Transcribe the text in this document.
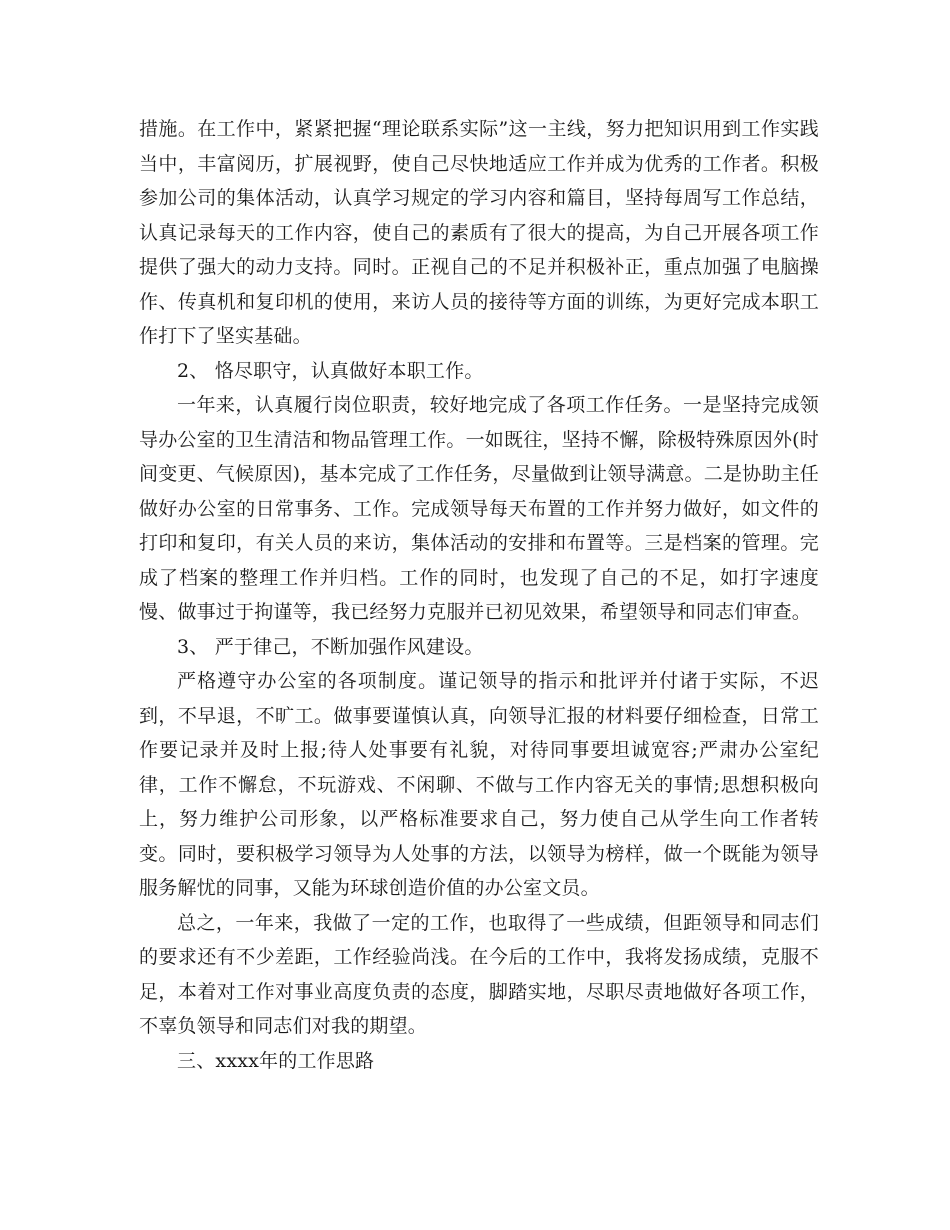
措施。在工作中，紧紧把握“理论联系实际”这一主线，努力把知识用到工作实践当中，丰富阅历，扩展视野，使自己尽快地适应工作并成为优秀的工作者。积极参加公司的集体活动，认真学习规定的学习内容和篇目，坚持每周写工作总结，认真记录每天的工作内容，使自己的素质有了很大的提高，为自己开展各项工作提供了强大的动力支持。同时。正视自己的不足并积极补正，重点加强了电脑操作、传真机和复印机的使用，来访人员的接待等方面的训练，为更好完成本职工作打下了坚实基础。

2、 恪尽职守，认真做好本职工作。

一年来，认真履行岗位职责，较好地完成了各项工作任务。一是坚持完成领导办公室的卫生清洁和物品管理工作。一如既往，坚持不懈，除极特殊原因外(时间变更、气候原因)，基本完成了工作任务，尽量做到让领导满意。二是协助主任做好办公室的日常事务、工作。完成领导每天布置的工作并努力做好，如文件的打印和复印，有关人员的来访，集体活动的安排和布置等。三是档案的管理。完成了档案的整理工作并归档。工作的同时，也发现了自己的不足，如打字速度慢、做事过于拘谨等，我已经努力克服并已初见效果，希望领导和同志们审查。

3、 严于律己，不断加强作风建设。

严格遵守办公室的各项制度。谨记领导的指示和批评并付诸于实际，不迟到，不早退，不旷工。做事要谨慎认真，向领导汇报的材料要仔细检查，日常工作要记录并及时上报;待人处事要有礼貌，对待同事要坦诚宽容;严肃办公室纪律，工作不懈怠，不玩游戏、不闲聊、不做与工作内容无关的事情;思想积极向上，努力维护公司形象，以严格标准要求自己，努力使自己从学生向工作者转变。同时，要积极学习领导为人处事的方法，以领导为榜样，做一个既能为领导服务解忧的同事，又能为环球创造价值的办公室文员。

总之，一年来，我做了一定的工作，也取得了一些成绩，但距领导和同志们的要求还有不少差距，工作经验尚浅。在今后的工作中，我将发扬成绩，克服不足，本着对工作对事业高度负责的态度，脚踏实地，尽职尽责地做好各项工作，不辜负领导和同志们对我的期望。

三、xxxx年的工作思路
